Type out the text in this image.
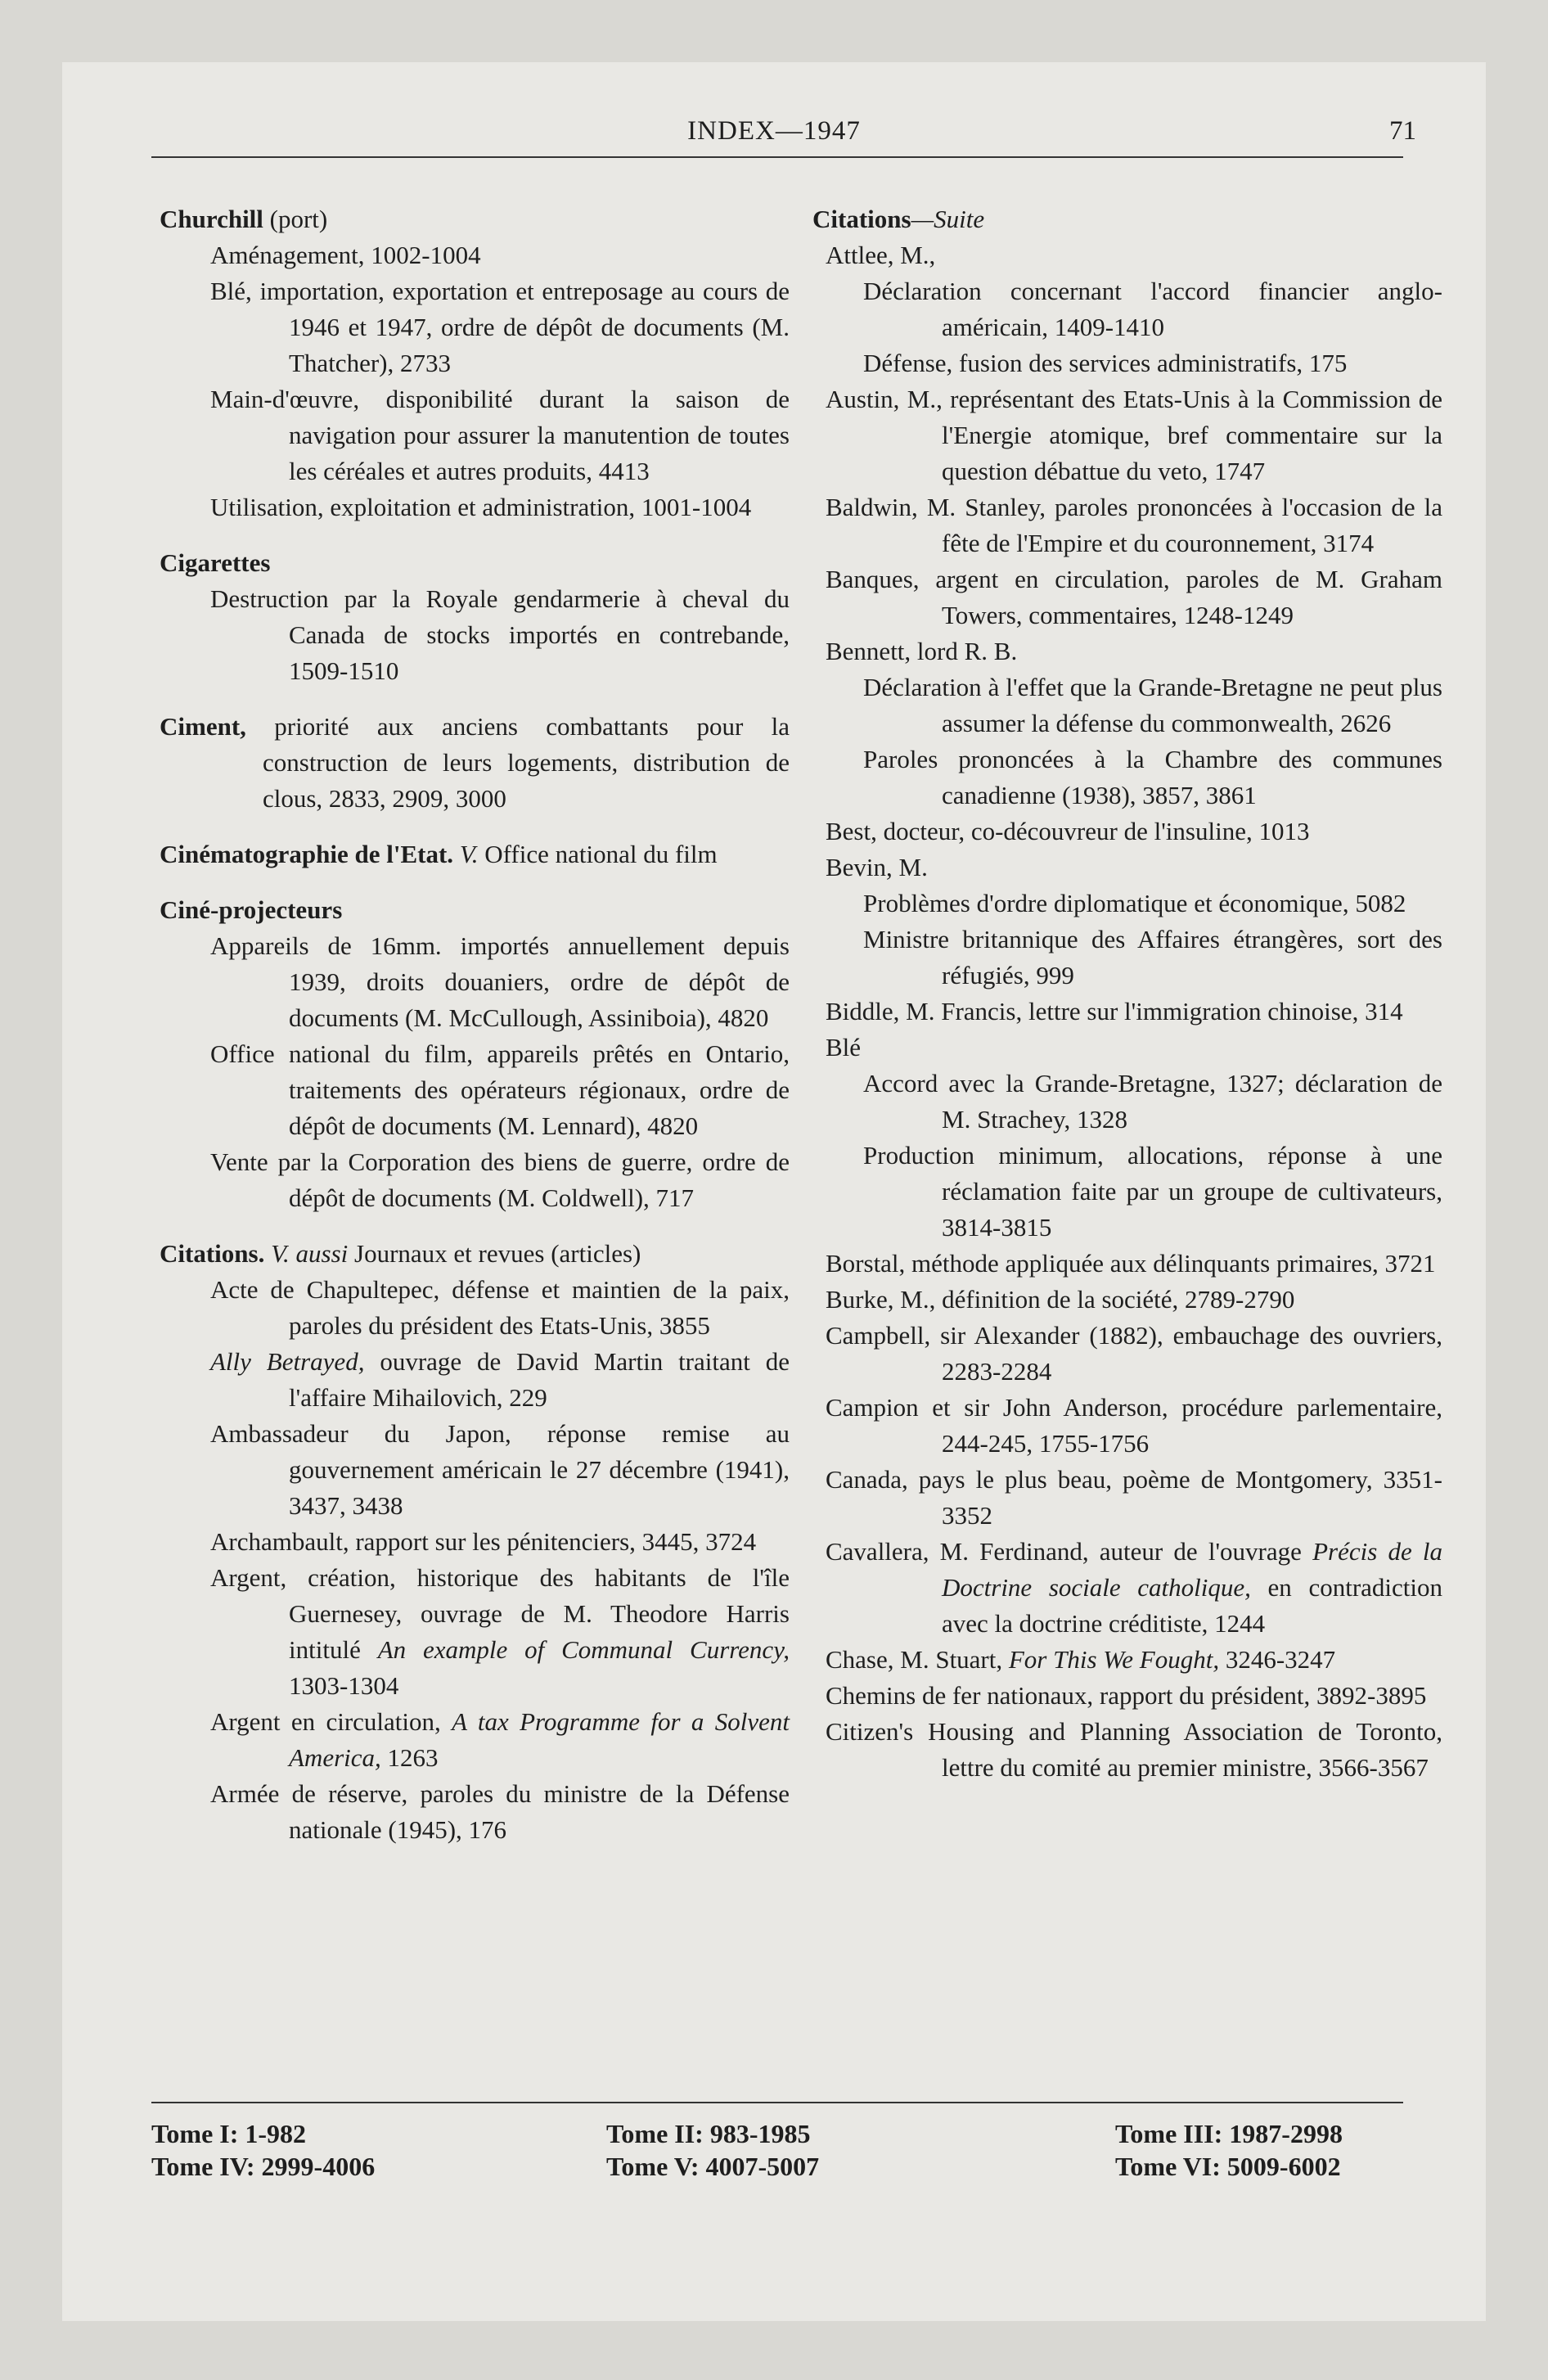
INDEX—1947	71

Churchill (port)

Aménagement, 1002-1004

Blé, importation, exportation et entreposage au cours de 1946 et 1947, ordre de dépôt de documents (M. Thatcher), 2733

Main-d'œuvre, disponibilité durant la saison de navigation pour assurer la manutention de toutes les céréales et autres produits, 4413

Utilisation, exploitation et administration, 1001-1004

Cigarettes

Destruction par la Royale gendarmerie à cheval du Canada de stocks importés en contrebande, 1509-1510

Ciment, priorité aux anciens combattants pour la construction de leurs logements, distribution de clous, 2833, 2909, 3000

Cinématographie de l'Etat. V. Office national du film

Ciné-projecteurs

Appareils de 16mm. importés annuellement depuis 1939, droits douaniers, ordre de dépôt de documents (M. McCullough, Assiniboia), 4820

Office national du film, appareils prêtés en Ontario, traitements des opérateurs régionaux, ordre de dépôt de documents (M. Lennard), 4820

Vente par la Corporation des biens de guerre, ordre de dépôt de documents (M. Coldwell), 717

Citations. V. aussi Journaux et revues (articles)

Acte de Chapultepec, défense et maintien de la paix, paroles du président des Etats-Unis, 3855

Ally Betrayed, ouvrage de David Martin traitant de l'affaire Mihailovich, 229

Ambassadeur du Japon, réponse remise au gouvernement américain le 27 décembre (1941), 3437, 3438

Archambault, rapport sur les pénitenciers, 3445, 3724

Argent, création, historique des habitants de l'île Guernesey, ouvrage de M. Theodore Harris intitulé An example of Communal Currency, 1303-1304

Argent en circulation, A tax Programme for a Solvent America, 1263

Armée de réserve, paroles du ministre de la Défense nationale (1945), 176

Citations—Suite

Attlee, M.,

Déclaration concernant l'accord financier anglo-américain, 1409-1410

Défense, fusion des services administratifs, 175

Austin, M., représentant des Etats-Unis à la Commission de l'Energie atomique, bref commentaire sur la question débattue du veto, 1747

Baldwin, M. Stanley, paroles prononcées à l'occasion de la fête de l'Empire et du couronnement, 3174

Banques, argent en circulation, paroles de M. Graham Towers, commentaires, 1248-1249

Bennett, lord R. B.

Déclaration à l'effet que la Grande-Bretagne ne peut plus assumer la défense du commonwealth, 2626

Paroles prononcées à la Chambre des communes canadienne (1938), 3857, 3861

Best, docteur, co-découvreur de l'insuline, 1013

Bevin, M.

Problèmes d'ordre diplomatique et économique, 5082

Ministre britannique des Affaires étrangères, sort des réfugiés, 999

Biddle, M. Francis, lettre sur l'immigration chinoise, 314

Blé

Accord avec la Grande-Bretagne, 1327; déclaration de M. Strachey, 1328

Production minimum, allocations, réponse à une réclamation faite par un groupe de cultivateurs, 3814-3815

Borstal, méthode appliquée aux délinquants primaires, 3721

Burke, M., définition de la société, 2789-2790

Campbell, sir Alexander (1882), embauchage des ouvriers, 2283-2284

Campion et sir John Anderson, procédure parlementaire, 244-245, 1755-1756

Canada, pays le plus beau, poème de Montgomery, 3351-3352

Cavallera, M. Ferdinand, auteur de l'ouvrage Précis de la Doctrine sociale catholique, en contradiction avec la doctrine créditiste, 1244

Chase, M. Stuart, For This We Fought, 3246-3247

Chemins de fer nationaux, rapport du président, 3892-3895

Citizen's Housing and Planning Association de Toronto, lettre du comité au premier ministre, 3566-3567

Tome I: 1-982
Tome IV: 2999-4006
Tome II: 983-1985
Tome V: 4007-5007
Tome III: 1987-2998
Tome VI: 5009-6002
